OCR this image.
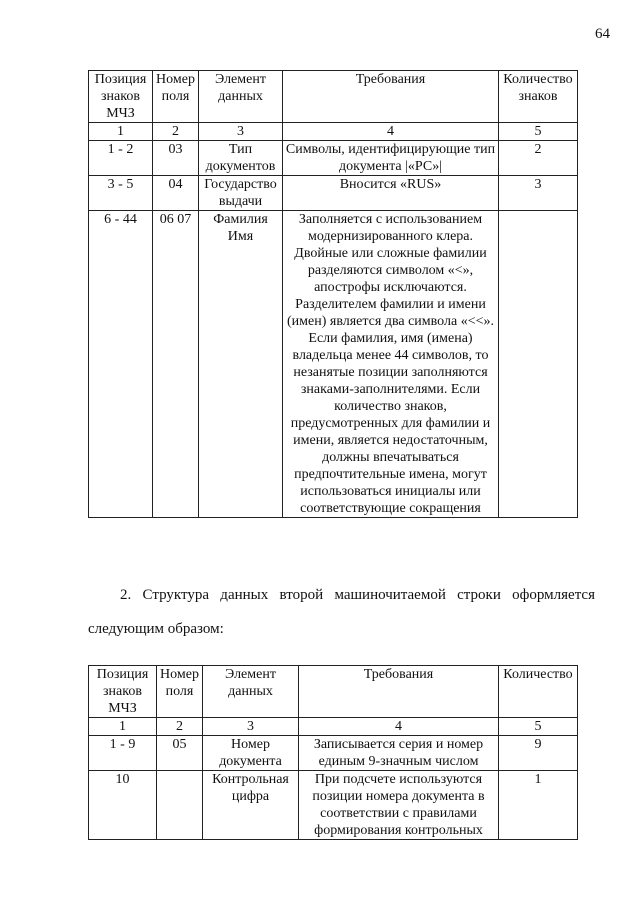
64
Позиция знаков МЧЗ	Номер поля	Элемент данных	Требования	Количество знаков
1	2	3	4	5
1 - 2	03	Тип документов	Символы, идентифицирующие тип документа |«РС»|	2
3 - 5	04	Государство выдачи	Вносится «RUS»	3
6 - 44	06 07	Фамилия Имя	Заполняется с использованием модернизированного клера. Двойные или сложные фамилии разделяются символом «<», апострофы исключаются. Разделителем фамилии и имени (имен) является два символа «<<». Если фамилия, имя (имена) владельца менее 44 символов, то незанятые позиции заполняются знаками-заполнителями. Если количество знаков, предусмотренных для фамилии и имени, является недостаточным, должны впечатываться предпочтительные имена, могут использоваться инициалы или соответствующие сокращения	
2. Структура данных второй машиночитаемой строки оформляется
следующим образом:
Позиция знаков МЧЗ	Номер поля	Элемент данных	Требования	Количество
1	2	3	4	5
1 - 9	05	Номер документа	Записывается серия и номер единым 9-значным числом	9
10		Контрольная цифра	При подсчете используются позиции номера документа в соответствии с правилами формирования контрольных	1
